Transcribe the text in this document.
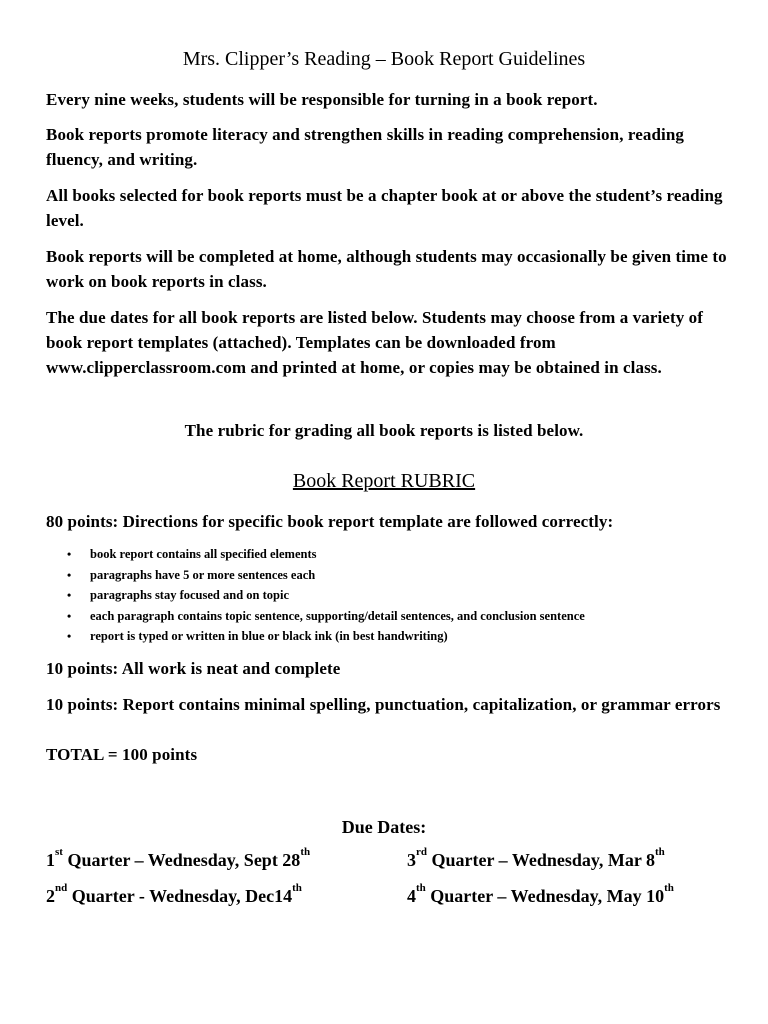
Mrs. Clipper’s Reading – Book Report Guidelines
Every nine weeks, students will be responsible for turning in a book report.
Book reports promote literacy and strengthen skills in reading comprehension, reading fluency, and writing.
All books selected for book reports must be a chapter book at or above the student’s reading level.
Book reports will be completed at home, although students may occasionally be given time to work on book reports in class.
The due dates for all book reports are listed below. Students may choose from a variety of book report templates (attached). Templates can be downloaded from www.clipperclassroom.com and printed at home, or copies may be obtained in class.
The rubric for grading all book reports is listed below.
Book Report RUBRIC
80 points: Directions for specific book report template are followed correctly:
• book report contains all specified elements
• paragraphs have 5 or more sentences each
• paragraphs stay focused and on topic
• each paragraph contains topic sentence, supporting/detail sentences, and conclusion sentence
• report is typed or written in blue or black ink (in best handwriting)
10 points: All work is neat and complete
10 points: Report contains minimal spelling, punctuation, capitalization, or grammar errors
TOTAL = 100 points
Due Dates:
1st Quarter – Wednesday, Sept 28th	3rd Quarter – Wednesday, Mar 8th
2nd Quarter - Wednesday, Dec14th	4th Quarter – Wednesday, May 10th
